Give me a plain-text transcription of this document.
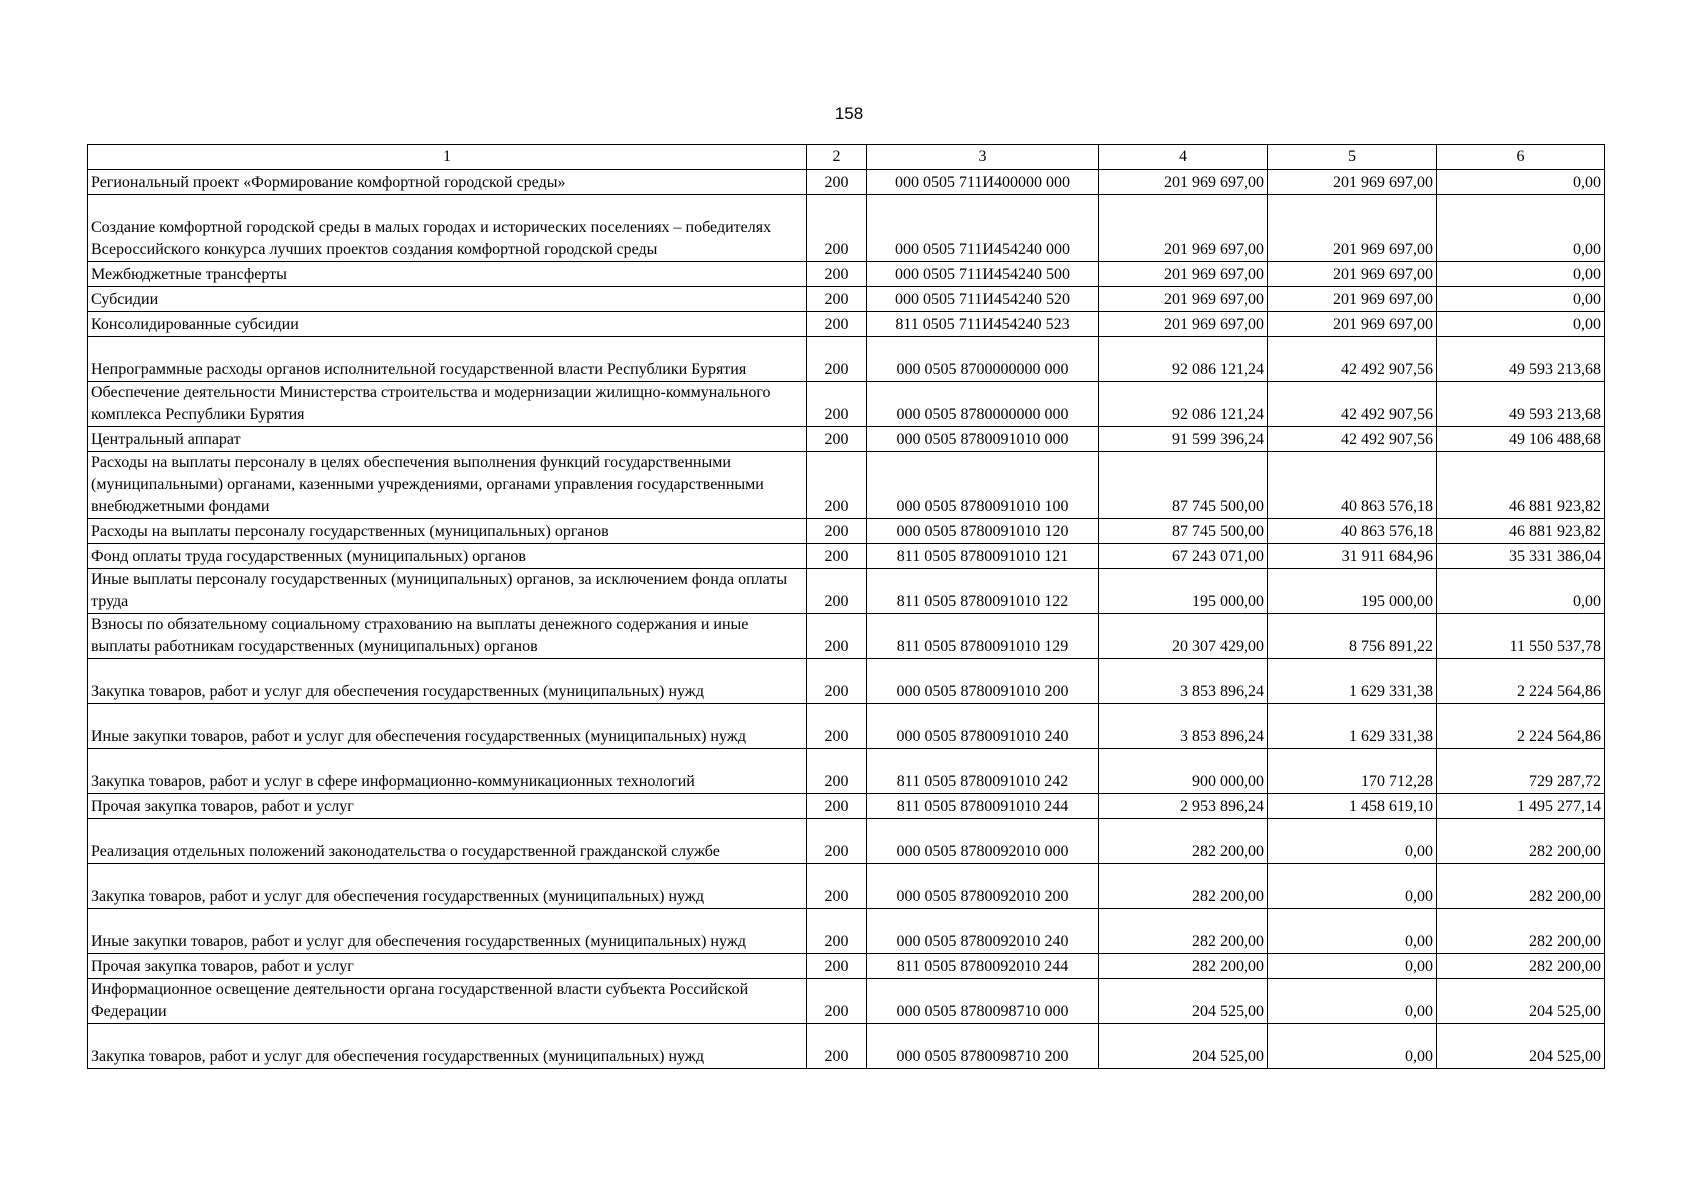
158
1	2	3	4	5	6
Региональный проект «Формирование комфортной городской среды»	200	000 0505 711И400000 000	201 969 697,00	201 969 697,00	0,00
Создание комфортной городской среды в малых городах и исторических поселениях – победителях Всероссийского конкурса лучших проектов создания комфортной городской среды	200	000 0505 711И454240 000	201 969 697,00	201 969 697,00	0,00
Межбюджетные трансферты	200	000 0505 711И454240 500	201 969 697,00	201 969 697,00	0,00
Субсидии	200	000 0505 711И454240 520	201 969 697,00	201 969 697,00	0,00
Консолидированные субсидии	200	811 0505 711И454240 523	201 969 697,00	201 969 697,00	0,00
Непрограммные расходы органов исполнительной государственной власти Республики Бурятия	200	000 0505 8700000000 000	92 086 121,24	42 492 907,56	49 593 213,68
Обеспечение деятельности Министерства строительства и модернизации жилищно-коммунального комплекса Республики Бурятия	200	000 0505 8780000000 000	92 086 121,24	42 492 907,56	49 593 213,68
Центральный аппарат	200	000 0505 8780091010 000	91 599 396,24	42 492 907,56	49 106 488,68
Расходы на выплаты персоналу в целях обеспечения выполнения функций государственными (муниципальными) органами, казенными учреждениями, органами управления государственными внебюджетными фондами	200	000 0505 8780091010 100	87 745 500,00	40 863 576,18	46 881 923,82
Расходы на выплаты персоналу государственных (муниципальных) органов	200	000 0505 8780091010 120	87 745 500,00	40 863 576,18	46 881 923,82
Фонд оплаты труда государственных (муниципальных) органов	200	811 0505 8780091010 121	67 243 071,00	31 911 684,96	35 331 386,04
Иные выплаты персоналу государственных (муниципальных) органов, за исключением фонда оплаты труда	200	811 0505 8780091010 122	195 000,00	195 000,00	0,00
Взносы по обязательному социальному страхованию на выплаты денежного содержания и иные выплаты работникам государственных (муниципальных) органов	200	811 0505 8780091010 129	20 307 429,00	8 756 891,22	11 550 537,78
Закупка товаров, работ и услуг для обеспечения государственных (муниципальных) нужд	200	000 0505 8780091010 200	3 853 896,24	1 629 331,38	2 224 564,86
Иные закупки товаров, работ и услуг для обеспечения государственных (муниципальных) нужд	200	000 0505 8780091010 240	3 853 896,24	1 629 331,38	2 224 564,86
Закупка товаров, работ и услуг в сфере информационно-коммуникационных технологий	200	811 0505 8780091010 242	900 000,00	170 712,28	729 287,72
Прочая закупка товаров, работ и услуг	200	811 0505 8780091010 244	2 953 896,24	1 458 619,10	1 495 277,14
Реализация отдельных положений законодательства о государственной гражданской службе	200	000 0505 8780092010 000	282 200,00	0,00	282 200,00
Закупка товаров, работ и услуг для обеспечения государственных (муниципальных) нужд	200	000 0505 8780092010 200	282 200,00	0,00	282 200,00
Иные закупки товаров, работ и услуг для обеспечения государственных (муниципальных) нужд	200	000 0505 8780092010 240	282 200,00	0,00	282 200,00
Прочая закупка товаров, работ и услуг	200	811 0505 8780092010 244	282 200,00	0,00	282 200,00
Информационное освещение деятельности органа государственной власти субъекта Российской Федерации	200	000 0505 8780098710 000	204 525,00	0,00	204 525,00
Закупка товаров, работ и услуг для обеспечения государственных (муниципальных) нужд	200	000 0505 8780098710 200	204 525,00	0,00	204 525,00
